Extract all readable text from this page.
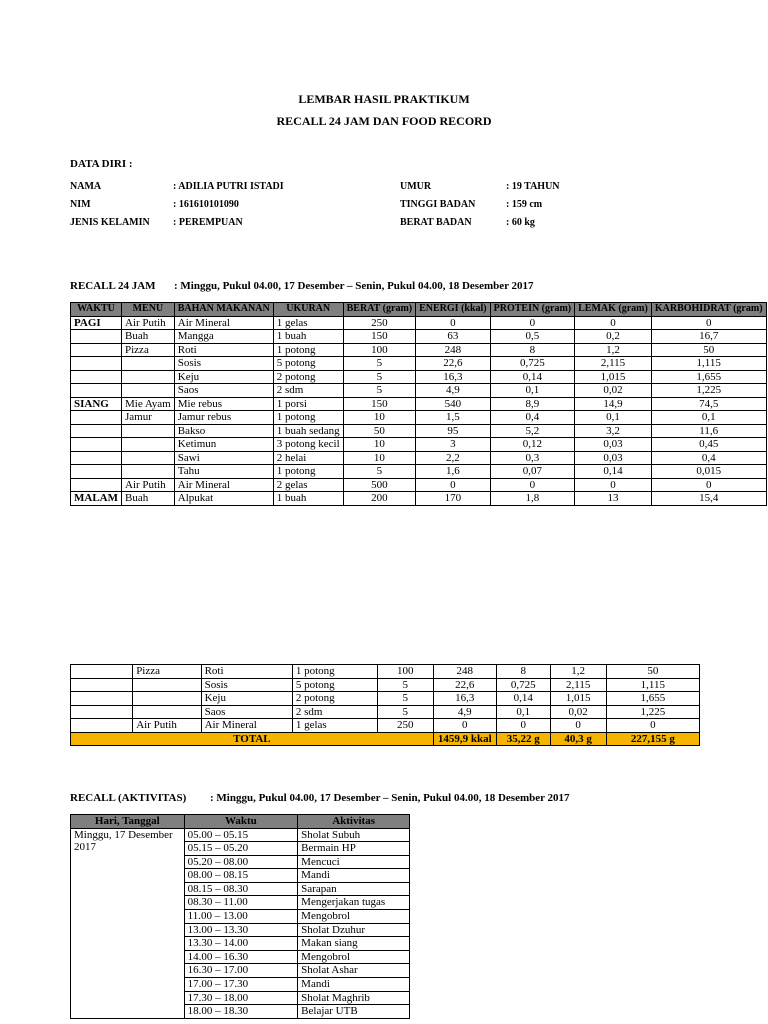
LEMBAR HASIL PRAKTIKUM
RECALL 24 JAM DAN FOOD RECORD
DATA DIRI :
NAMA	: ADILIA PUTRI ISTADI
NIM	: 161610101090
JENIS KELAMIN : PEREMPUAN
UMUR	: 19 TAHUN
TINGGI BADAN	: 159 cm
BERAT BADAN	: 60 kg
RECALL 24 JAM : Minggu, Pukul 04.00, 17 Desember – Senin, Pukul 04.00, 18 Desember 2017
WAKTU	MENU	BAHAN MAKANAN	UKURAN	BERAT (gram)	ENERGI (kkal)	PROTEIN (gram)	LEMAK (gram)	KARBOHIDRAT (gram)
PAGI	Air Putih	Air Mineral	1 gelas	250	0	0	0	0
	Buah	Mangga	1 buah	150	63	0,5	0,2	16,7
	Pizza	Roti	1 potong	100	248	8	1,2	50
		Sosis	5 potong	5	22,6	0,725	2,115	1,115
		Keju	2 potong	5	16,3	0,14	1,015	1,655
		Saos	2 sdm	5	4,9	0,1	0,02	1,225
SIANG	Mie Ayam	Mie rebus	1 porsi	150	540	8,9	14,9	74,5
	Jamur	Jamur rebus	1 potong	10	1,5	0,4	0,1	0,1
		Bakso	1 buah sedang	50	95	5,2	3,2	11,6
		Ketimun	3 potong kecil	10	3	0,12	0,03	0,45
		Sawi	2 helai	10	2,2	0,3	0,03	0,4
		Tahu	1 potong	5	1,6	0,07	0,14	0,015
	Air Putih	Air Mineral	2 gelas	500	0	0	0	0
MALAM	Buah	Alpukat	1 buah	200	170	1,8	13	15,4
	Pizza	Roti	1 potong	100	248	8	1,2	50
		Sosis	5 potong	5	22,6	0,725	2,115	1,115
		Keju	2 potong	5	16,3	0,14	1,015	1,655
		Saos	2 sdm	5	4,9	0,1	0,02	1,225
	Air Putih	Air Mineral	1 gelas	250	0	0	0	0
TOTAL					1459,9 kkal	35,22 g	40,3 g	227,155 g
RECALL (AKTIVITAS) : Minggu, Pukul 04.00, 17 Desember – Senin, Pukul 04.00, 18 Desember 2017
Hari, Tanggal	Waktu	Aktivitas
Minggu, 17 Desember 2017	05.00 – 05.15	Sholat Subuh
	05.15 – 05.20	Bermain HP
	05.20 – 08.00	Mencuci
	08.00 – 08.15	Mandi
	08.15 – 08.30	Sarapan
	08.30 – 11.00	Mengerjakan tugas
	11.00 – 13.00	Mengobrol
	13.00 – 13.30	Sholat Dzuhur
	13.30 – 14.00	Makan siang
	14.00 – 16.30	Mengobrol
	16.30 – 17.00	Sholat Ashar
	17.00 – 17.30	Mandi
	17.30 – 18.00	Sholat Maghrib
	18.00 – 18.30	Belajar UTB
